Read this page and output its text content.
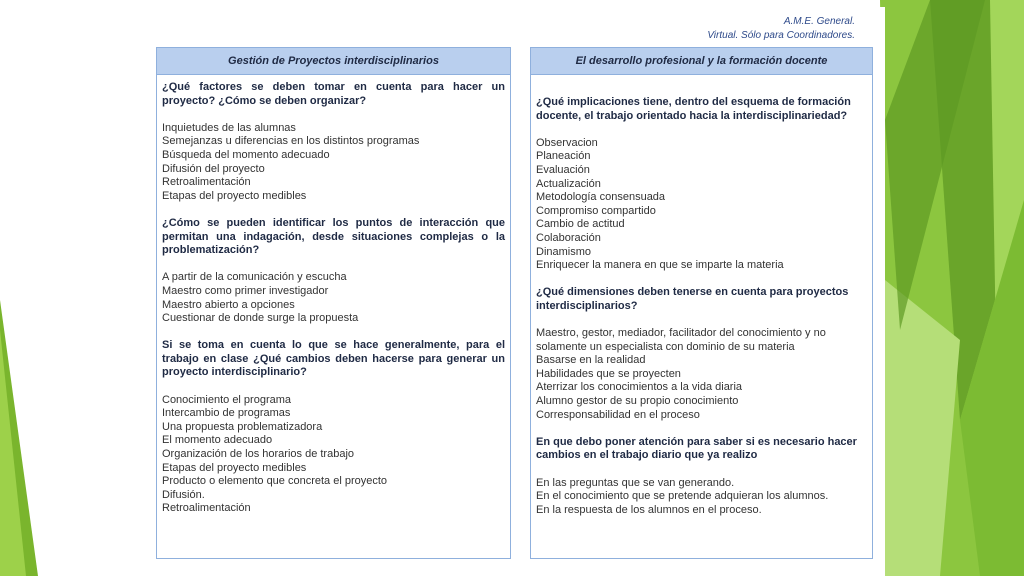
A.M.E. General.
Virtual. Sólo para Coordinadores.
Gestión de Proyectos interdisciplinarios

¿Qué factores se deben tomar en cuenta para hacer un proyecto? ¿Cómo se deben organizar?

Inquietudes de las alumnas
Semejanzas u diferencias en los distintos programas
Búsqueda del momento adecuado
Difusión del proyecto
Retroalimentación
Etapas del proyecto medibles

¿Cómo se pueden identificar los puntos de interacción que permitan una indagación, desde situaciones complejas o la problematización?

A partir de la comunicación y escucha
Maestro como primer investigador
Maestro abierto a opciones
Cuestionar de donde surge la propuesta

Si se toma en cuenta lo que se hace generalmente, para el trabajo en clase ¿Qué cambios deben hacerse para generar un proyecto interdisciplinario?

Conocimiento el programa
Intercambio de programas
Una propuesta problematizadora
El momento adecuado
Organización de los horarios de trabajo
Etapas del proyecto medibles
Producto o elemento que concreta el proyecto
Difusión.
Retroalimentación
El desarrollo profesional y la formación docente

¿Qué implicaciones tiene, dentro del esquema de formación docente, el trabajo orientado hacia la interdisciplinariedad?

Observacion
Planeación
Evaluación
Actualización
Metodología consensuada
Compromiso compartido
Cambio de actitud
Colaboración
Dinamismo
Enriquecer la manera en que se imparte la materia

¿Qué dimensiones deben tenerse en cuenta para proyectos interdisciplinarios?

Maestro, gestor, mediador, facilitador del conocimiento y no
solamente un especialista con dominio de su materia
Basarse en la realidad
Habilidades que se proyecten
Aterrizar los conocimientos a la vida diaria
Alumno gestor de su propio conocimiento
Corresponsabilidad en el proceso

En que debo poner atención para saber si es necesario hacer cambios en el trabajo diario que ya realizo

En las preguntas que se van generando.
En el conocimiento que se pretende adquieran los alumnos.
En la respuesta de los alumnos en el proceso.
